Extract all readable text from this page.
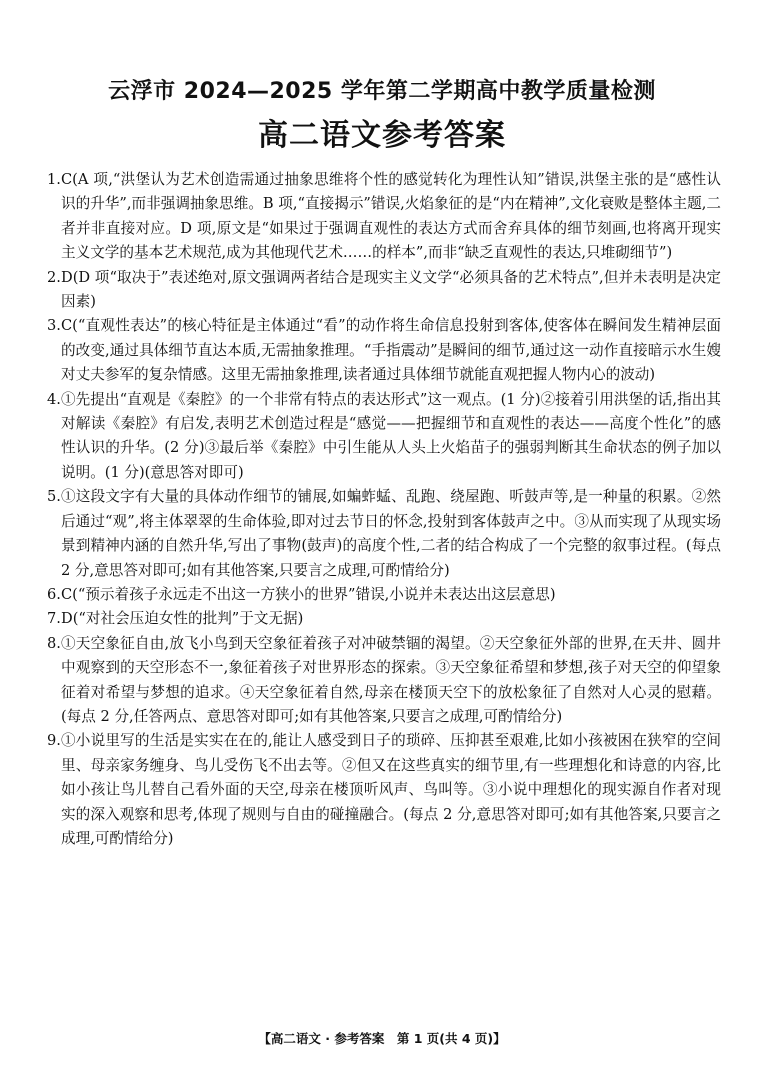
云浮市 2024—2025 学年第二学期高中教学质量检测
高二语文参考答案

1. C(A 项,“洪堡认为艺术创造需通过抽象思维将个性的感觉转化为理性认知”错误,洪堡主张的是“感性认识的升华”,而非强调抽象思维。B 项,“直接揭示”错误,火焰象征的是“内在精神”,文化衰败是整体主题,二者并非直接对应。D 项,原文是“如果过于强调直观性的表达方式而舍弃具体的细节刻画,也将离开现实主义文学的基本艺术规范,成为其他现代艺术……的样本”,而非“缺乏直观性的表达,只堆砌细节”)

2. D(D 项“取决于”表述绝对,原文强调两者结合是现实主义文学“必须具备的艺术特点”,但并未表明是决定因素)

3. C(“直观性表达”的核心特征是主体通过“看”的动作将生命信息投射到客体,使客体在瞬间发生精神层面的改变,通过具体细节直达本质,无需抽象推理。“手指震动”是瞬间的细节,通过这一动作直接暗示水生嫂对丈夫参军的复杂情感。这里无需抽象推理,读者通过具体细节就能直观把握人物内心的波动)

4. ①先提出“直观是《秦腔》的一个非常有特点的表达形式”这一观点。(1 分)②接着引用洪堡的话,指出其对解读《秦腔》有启发,表明艺术创造过程是“感觉——把握细节和直观性的表达——高度个性化”的感性认识的升华。(2 分)③最后举《秦腔》中引生能从人头上火焰苗子的强弱判断其生命状态的例子加以说明。(1 分)(意思答对即可)

5. ①这段文字有大量的具体动作细节的铺展,如蝙蚱蜢、乱跑、绕屋跑、听鼓声等,是一种量的积累。②然后通过“观”,将主体翠翠的生命体验,即对过去节日的怀念,投射到客体鼓声之中。③从而实现了从现实场景到精神内涵的自然升华,写出了事物(鼓声)的高度个性,二者的结合构成了一个完整的叙事过程。(每点 2 分,意思答对即可;如有其他答案,只要言之成理,可酌情给分)

6. C(“预示着孩子永远走不出这一方狭小的世界”错误,小说并未表达出这层意思)

7. D(“对社会压迫女性的批判”于文无据)

8. ①天空象征自由,放飞小鸟到天空象征着孩子对冲破禁锢的渴望。②天空象征外部的世界,在天井、圆井中观察到的天空形态不一,象征着孩子对世界形态的探索。③天空象征希望和梦想,孩子对天空的仰望象征着对希望与梦想的追求。④天空象征着自然,母亲在楼顶天空下的放松象征了自然对人心灵的慰藉。(每点 2 分,任答两点、意思答对即可;如有其他答案,只要言之成理,可酌情给分)

9. ①小说里写的生活是实实在在的,能让人感受到日子的琐碎、压抑甚至艰难,比如小孩被困在狭窄的空间里、母亲家务缠身、鸟儿受伤飞不出去等。②但又在这些真实的细节里,有一些理想化和诗意的内容,比如小孩让鸟儿替自己看外面的天空,母亲在楼顶听风声、鸟叫等。③小说中理想化的现实源自作者对现实的深入观察和思考,体现了规则与自由的碰撞融合。(每点 2 分,意思答对即可;如有其他答案,只要言之成理,可酌情给分)

【高二语文 · 参考答案　第 1 页(共 4 页)】
